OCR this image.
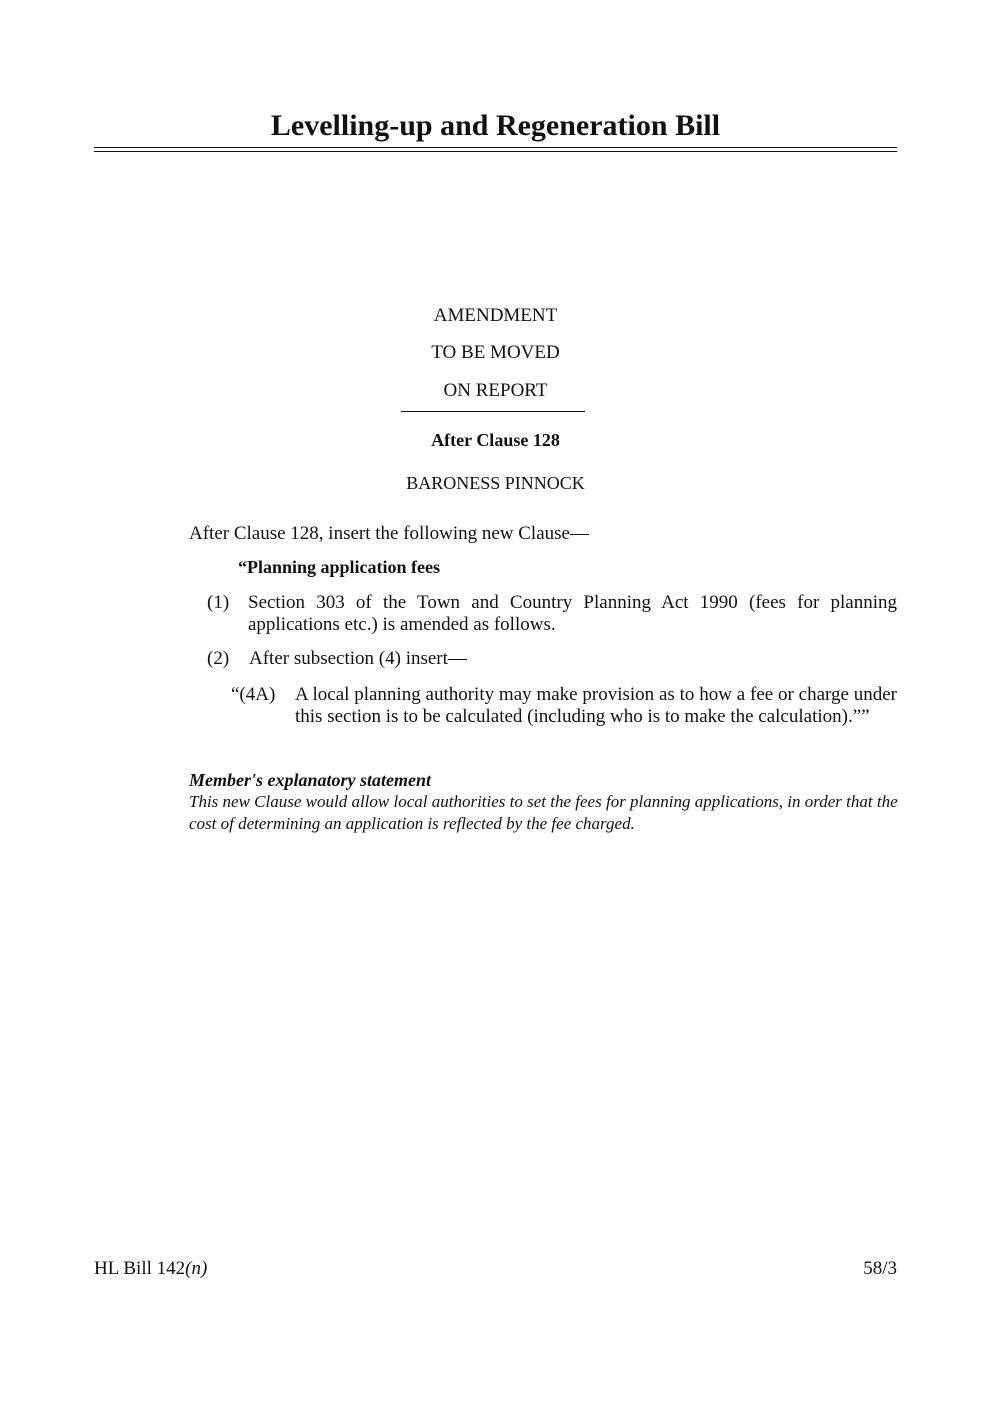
Levelling-up and Regeneration Bill
AMENDMENT
TO BE MOVED
ON REPORT
After Clause 128
BARONESS PINNOCK
After Clause 128, insert the following new Clause—
“Planning application fees
(1) Section 303 of the Town and Country Planning Act 1990 (fees for planning applications etc.) is amended as follows.
(2) After subsection (4) insert—
“(4A) A local planning authority may make provision as to how a fee or charge under this section is to be calculated (including who is to make the calculation).””
Member's explanatory statement
This new Clause would allow local authorities to set the fees for planning applications, in order that the cost of determining an application is reflected by the fee charged.
HL Bill 142(n)	58/3
